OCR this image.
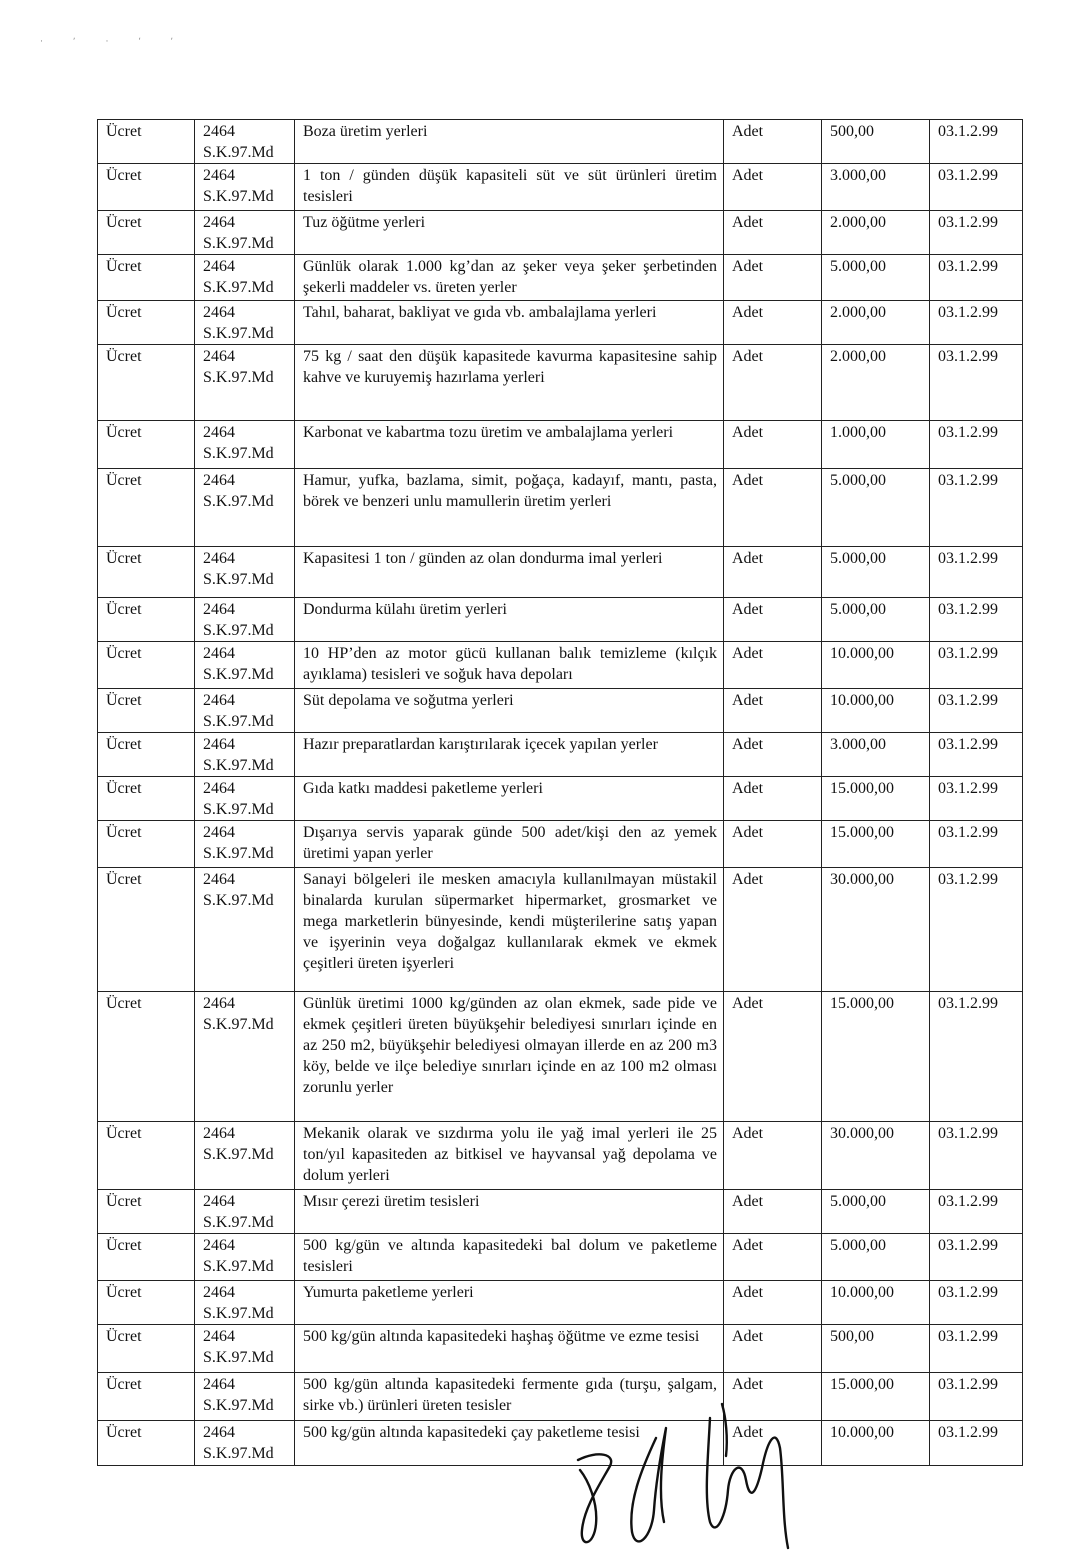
· ʹ · ʹ ʹ
Ücret	2464 S.K.97.Md	Boza üretim yerleri	Adet	500,00	03.1.2.99
Ücret	2464 S.K.97.Md	1 ton / günden düşük kapasiteli süt ve süt ürünleri üretim tesisleri	Adet	3.000,00	03.1.2.99
Ücret	2464 S.K.97.Md	Tuz öğütme yerleri	Adet	2.000,00	03.1.2.99
Ücret	2464 S.K.97.Md	Günlük olarak 1.000 kg’dan az şeker veya şeker şerbetinden şekerli maddeler vs. üreten yerler	Adet	5.000,00	03.1.2.99
Ücret	2464 S.K.97.Md	Tahıl, baharat, bakliyat ve gıda vb. ambalajlama yerleri	Adet	2.000,00	03.1.2.99
Ücret	2464 S.K.97.Md	75 kg / saat den düşük kapasitede kavurma kapasitesine sahip kahve ve kuruyemiş hazırlama yerleri	Adet	2.000,00	03.1.2.99
Ücret	2464 S.K.97.Md	Karbonat ve kabartma tozu üretim ve ambalajlama yerleri	Adet	1.000,00	03.1.2.99
Ücret	2464 S.K.97.Md	Hamur, yufka, bazlama, simit, poğaça, kadayıf, mantı, pasta, börek ve benzeri unlu mamullerin üretim yerleri	Adet	5.000,00	03.1.2.99
Ücret	2464 S.K.97.Md	Kapasitesi 1 ton / günden az olan dondurma imal yerleri	Adet	5.000,00	03.1.2.99
Ücret	2464 S.K.97.Md	Dondurma külahı üretim yerleri	Adet	5.000,00	03.1.2.99
Ücret	2464 S.K.97.Md	10 HP’den az motor gücü kullanan balık temizleme (kılçık ayıklama) tesisleri ve soğuk hava depoları	Adet	10.000,00	03.1.2.99
Ücret	2464 S.K.97.Md	Süt depolama ve soğutma yerleri	Adet	10.000,00	03.1.2.99
Ücret	2464 S.K.97.Md	Hazır preparatlardan karıştırılarak içecek yapılan yerler	Adet	3.000,00	03.1.2.99
Ücret	2464 S.K.97.Md	Gıda katkı maddesi paketleme yerleri	Adet	15.000,00	03.1.2.99
Ücret	2464 S.K.97.Md	Dışarıya servis yaparak günde 500 adet/kişi den az yemek üretimi yapan yerler	Adet	15.000,00	03.1.2.99
Ücret	2464 S.K.97.Md	Sanayi bölgeleri ile mesken amacıyla kullanılmayan müstakil binalarda kurulan süpermarket hipermarket, grosmarket ve mega marketlerin bünyesinde, kendi müşterilerine satış yapan ve işyerinin veya doğalgaz kullanılarak ekmek ve ekmek çeşitleri üreten işyerleri	Adet	30.000,00	03.1.2.99
Ücret	2464 S.K.97.Md	Günlük üretimi 1000 kg/günden az olan ekmek, sade pide ve ekmek çeşitleri üreten büyükşehir belediyesi sınırları içinde en az 250 m2, büyükşehir belediyesi olmayan illerde en az 200 m3 köy, belde ve ilçe belediye sınırları içinde en az 100 m2 olması zorunlu yerler	Adet	15.000,00	03.1.2.99
Ücret	2464 S.K.97.Md	Mekanik olarak ve sızdırma yolu ile yağ imal yerleri ile 25 ton/yıl kapasiteden az bitkisel ve hayvansal yağ depolama ve dolum yerleri	Adet	30.000,00	03.1.2.99
Ücret	2464 S.K.97.Md	Mısır çerezi üretim tesisleri	Adet	5.000,00	03.1.2.99
Ücret	2464 S.K.97.Md	500 kg/gün ve altında kapasitedeki bal dolum ve paketleme tesisleri	Adet	5.000,00	03.1.2.99
Ücret	2464 S.K.97.Md	Yumurta paketleme yerleri	Adet	10.000,00	03.1.2.99
Ücret	2464 S.K.97.Md	500 kg/gün altında kapasitedeki haşhaş öğütme ve ezme tesisi	Adet	500,00	03.1.2.99
Ücret	2464 S.K.97.Md	500 kg/gün altında kapasitedeki fermente gıda (turşu, şalgam, sirke vb.) ürünleri üreten tesisler	Adet	15.000,00	03.1.2.99
Ücret	2464 S.K.97.Md	500 kg/gün altında kapasitedeki çay paketleme tesisi	Adet	10.000,00	03.1.2.99
